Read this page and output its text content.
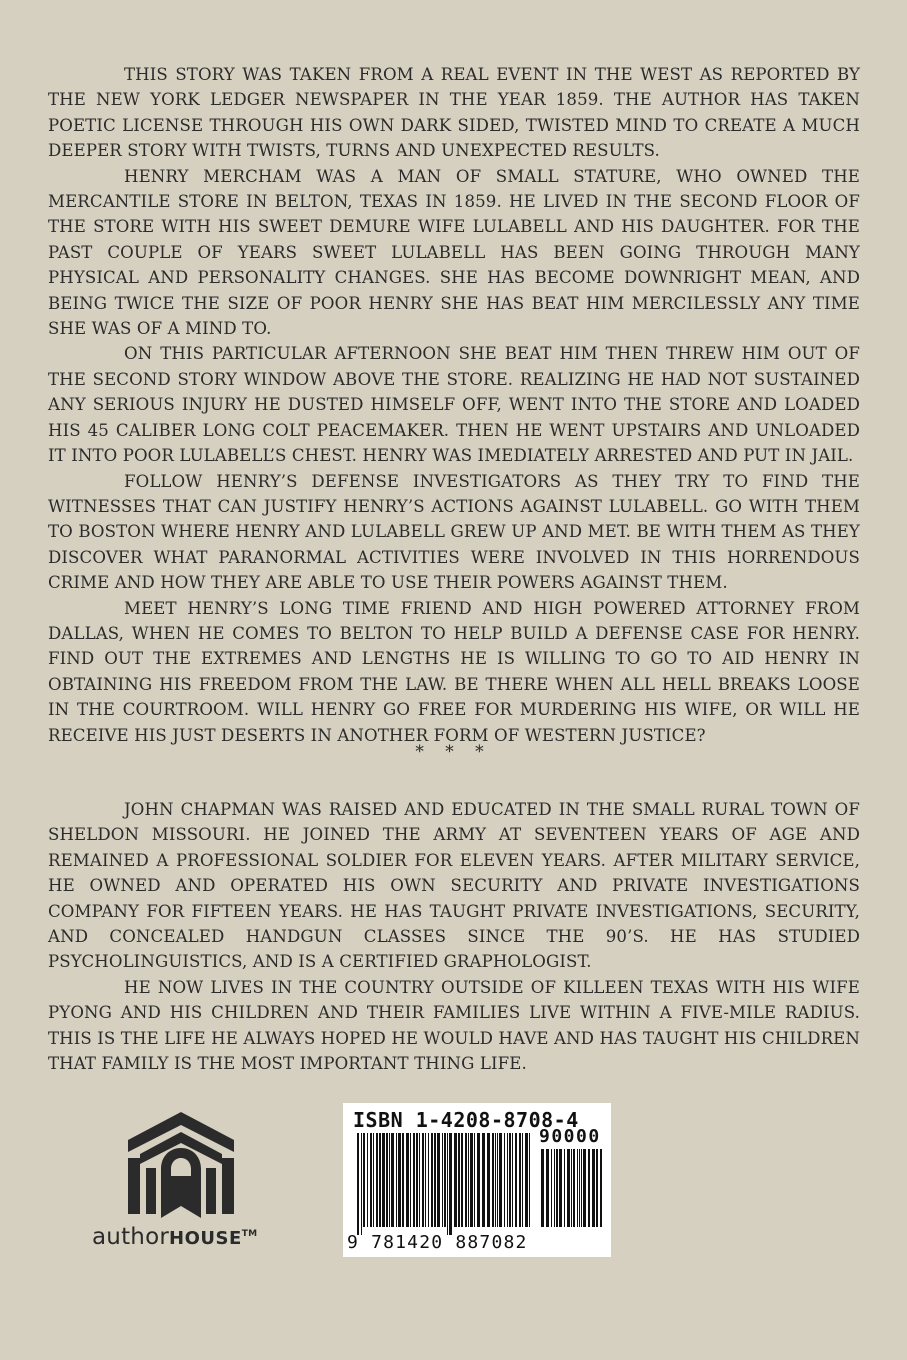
THIS STORY WAS TAKEN FROM A REAL EVENT IN THE WEST AS REPORTED BY THE NEW YORK LEDGER NEWSPAPER IN THE YEAR 1859. THE AUTHOR HAS TAKEN POETIC LICENSE THROUGH HIS OWN DARK SIDED, TWISTED MIND TO CREATE A MUCH DEEPER STORY WITH TWISTS, TURNS AND UNEXPECTED RESULTS.

HENRY MERCHAM WAS A MAN OF SMALL STATURE, WHO OWNED THE MERCANTILE STORE IN BELTON, TEXAS IN 1859. HE LIVED IN THE SECOND FLOOR OF THE STORE WITH HIS SWEET DEMURE WIFE LULABELL AND HIS DAUGHTER. FOR THE PAST COUPLE OF YEARS SWEET LULABELL HAS BEEN GOING THROUGH MANY PHYSICAL AND PERSONALITY CHANGES. SHE HAS BECOME DOWNRIGHT MEAN, AND BEING TWICE THE SIZE OF POOR HENRY SHE HAS BEAT HIM MERCILESSLY ANY TIME SHE WAS OF A MIND TO.

ON THIS PARTICULAR AFTERNOON SHE BEAT HIM THEN THREW HIM OUT OF THE SECOND STORY WINDOW ABOVE THE STORE. REALIZING HE HAD NOT SUSTAINED ANY SERIOUS INJURY HE DUSTED HIMSELF OFF, WENT INTO THE STORE AND LOADED HIS 45 CALIBER LONG COLT PEACEMAKER. THEN HE WENT UPSTAIRS AND UNLOADED IT INTO POOR LULABELL’S CHEST. HENRY WAS IMEDIATELY ARRESTED AND PUT IN JAIL.

FOLLOW HENRY’S DEFENSE INVESTIGATORS AS THEY TRY TO FIND THE WITNESSES THAT CAN JUSTIFY HENRY’S ACTIONS AGAINST LULABELL. GO WITH THEM TO BOSTON WHERE HENRY AND LULABELL GREW UP AND MET. BE WITH THEM AS THEY DISCOVER WHAT PARANORMAL ACTIVITIES WERE INVOLVED IN THIS HORRENDOUS CRIME AND HOW THEY ARE ABLE TO USE THEIR POWERS AGAINST THEM.

MEET HENRY’S LONG TIME FRIEND AND HIGH POWERED ATTORNEY FROM DALLAS, WHEN HE COMES TO BELTON TO HELP BUILD A DEFENSE CASE FOR HENRY. FIND OUT THE EXTREMES AND LENGTHS HE IS WILLING TO GO TO AID HENRY IN OBTAINING HIS FREEDOM FROM THE LAW. BE THERE WHEN ALL HELL BREAKS LOOSE IN THE COURTROOM. WILL HENRY GO FREE FOR MURDERING HIS WIFE, OR WILL HE RECEIVE HIS JUST DESERTS IN ANOTHER FORM OF WESTERN JUSTICE?

* * *

JOHN CHAPMAN WAS RAISED AND EDUCATED IN THE SMALL RURAL TOWN OF SHELDON MISSOURI. HE JOINED THE ARMY AT SEVENTEEN YEARS OF AGE AND REMAINED A PROFESSIONAL SOLDIER FOR ELEVEN YEARS. AFTER MILITARY SERVICE, HE OWNED AND OPERATED HIS OWN SECURITY AND PRIVATE INVESTIGATIONS COMPANY FOR FIFTEEN YEARS. HE HAS TAUGHT PRIVATE INVESTIGATIONS, SECURITY, AND CONCEALED HANDGUN CLASSES SINCE THE 90’S. HE HAS STUDIED PSYCHOLINGUISTICS, AND IS A CERTIFIED GRAPHOLOGIST.

HE NOW LIVES IN THE COUNTRY OUTSIDE OF KILLEEN TEXAS WITH HIS WIFE PYONG AND HIS CHILDREN AND THEIR FAMILIES LIVE WITHIN A FIVE-MILE RADIUS. THIS IS THE LIFE HE ALWAYS HOPED HE WOULD HAVE AND HAS TAUGHT HIS CHILDREN THAT FAMILY IS THE MOST IMPORTANT THING LIFE.

authorHOUSE™
ISBN 1-4208-8708-4
90000
9 781420 887082
